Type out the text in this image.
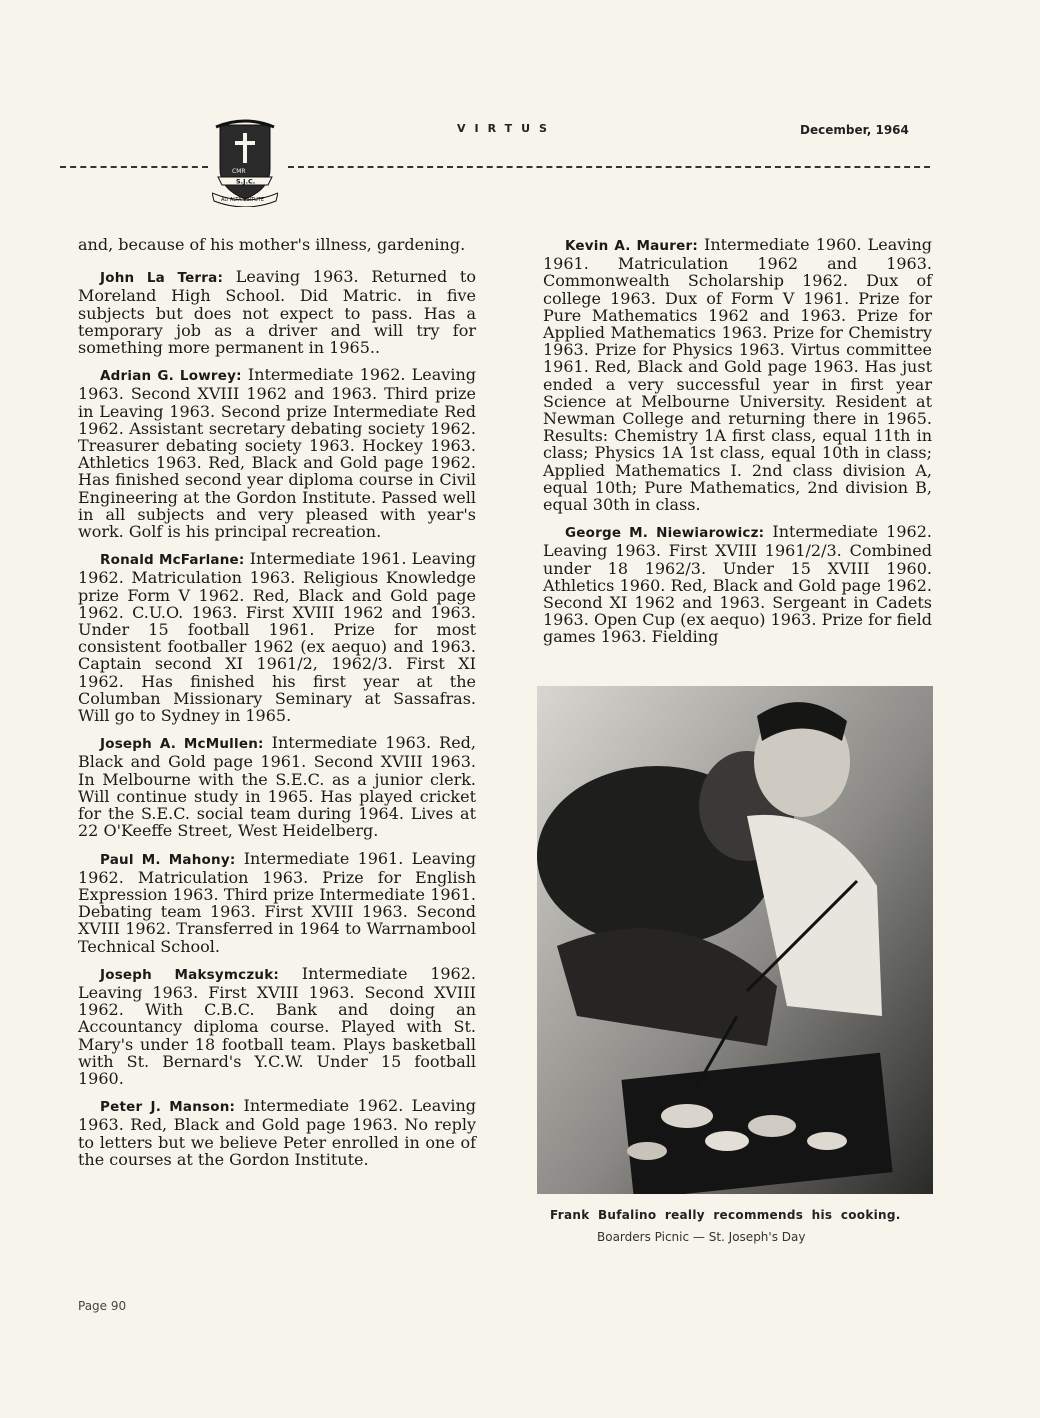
CMR
S.J.C.
AD ALTA VIRTUTE
VIRTUS	December, 1964

and, because of his mother's illness, gardening.

John La Terra: Leaving 1963. Returned to Moreland High School. Did Matric. in five subjects but does not expect to pass. Has a temporary job as a driver and will try for something more permanent in 1965..

Adrian G. Lowrey: Intermediate 1962. Leaving 1963. Second XVIII 1962 and 1963. Third prize in Leaving 1963. Second prize Intermediate Red 1962. Assistant secretary debating society 1962. Treasurer debating society 1963. Hockey 1963. Athletics 1963. Red, Black and Gold page 1962. Has finished second year diploma course in Civil Engineering at the Gordon Institute. Passed well in all subjects and very pleased with year's work. Golf is his principal recreation.

Ronald McFarlane: Intermediate 1961. Leaving 1962. Matriculation 1963. Religious Knowledge prize Form V 1962. Red, Black and Gold page 1962. C.U.O. 1963. First XVIII 1962 and 1963. Under 15 football 1961. Prize for most consistent footballer 1962 (ex aequo) and 1963. Captain second XI 1961/2, 1962/3. First XI 1962. Has finished his first year at the Columban Missionary Seminary at Sassafras. Will go to Sydney in 1965.

Joseph A. McMullen: Intermediate 1963. Red, Black and Gold page 1961. Second XVIII 1963. In Melbourne with the S.E.C. as a junior clerk. Will continue study in 1965. Has played cricket for the S.E.C. social team during 1964. Lives at 22 O'Keeffe Street, West Heidelberg.

Paul M. Mahony: Intermediate 1961. Leaving 1962. Matriculation 1963. Prize for English Expression 1963. Third prize Intermediate 1961. Debating team 1963. First XVIII 1963. Second XVIII 1962. Transferred in 1964 to Warrnambool Technical School.

Joseph Maksymczuk: Intermediate 1962. Leaving 1963. First XVIII 1963. Second XVIII 1962. With C.B.C. Bank and doing an Accountancy diploma course. Played with St. Mary's under 18 football team. Plays basketball with St. Bernard's Y.C.W. Under 15 football 1960.

Peter J. Manson: Intermediate 1962. Leaving 1963. Red, Black and Gold page 1963. No reply to letters but we believe Peter enrolled in one of the courses at the Gordon Institute.

Kevin A. Maurer: Intermediate 1960. Leaving 1961. Matriculation 1962 and 1963. Commonwealth Scholarship 1962. Dux of college 1963. Dux of Form V 1961. Prize for Pure Mathematics 1962 and 1963. Prize for Applied Mathematics 1963. Prize for Chemistry 1963. Prize for Physics 1963. Virtus committee 1961. Red, Black and Gold page 1963. Has just ended a very successful year in first year Science at Melbourne University. Resident at Newman College and returning there in 1965. Results: Chemistry 1A first class, equal 11th in class; Physics 1A 1st class, equal 10th in class; Applied Mathematics I. 2nd class division A, equal 10th; Pure Mathematics, 2nd division B, equal 30th in class.

George M. Niewiarowicz: Intermediate 1962. Leaving 1963. First XVIII 1961/2/3. Combined under 18 1962/3. Under 15 XVIII 1960. Athletics 1960. Red, Black and Gold page 1962. Second XI 1962 and 1963. Sergeant in Cadets 1963. Open Cup (ex aequo) 1963. Prize for field games 1963. Fielding

Frank Bufalino really recommends his cooking.
Boarders Picnic — St. Joseph's Day
Page 90
